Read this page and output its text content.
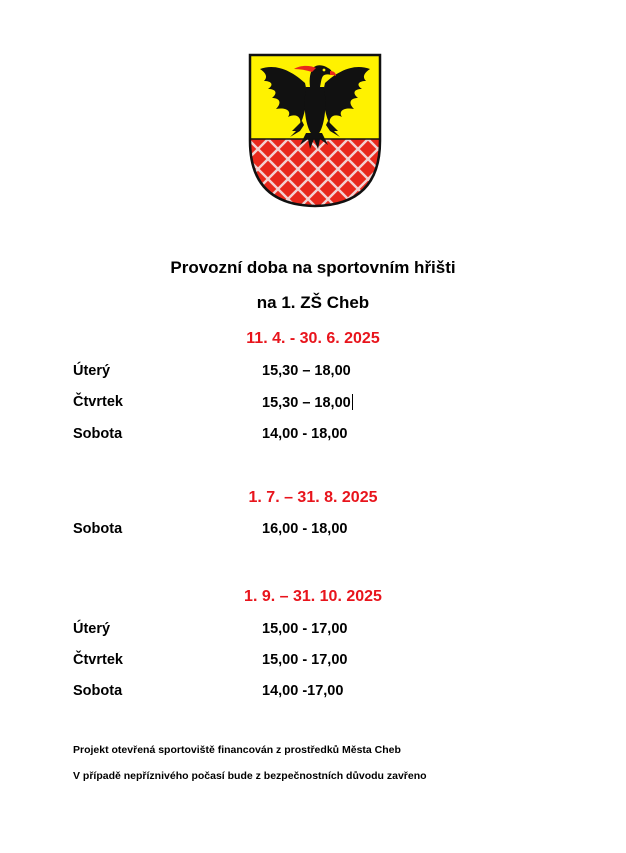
Provozní doba na sportovním hřišti
na 1. ZŠ Cheb
11. 4. - 30. 6. 2025
Úterý	15,30 – 18,00
Čtvrtek	15,30 – 18,00
Sobota	14,00 - 18,00
1. 7. – 31. 8. 2025
Sobota	16,00 - 18,00
1. 9. – 31. 10. 2025
Úterý	15,00 - 17,00
Čtvrtek	15,00 - 17,00
Sobota	14,00 -17,00
Projekt otevřená sportoviště financován z prostředků Města Cheb
V případě nepříznivého počasí bude z bezpečnostních důvodu zavřeno
